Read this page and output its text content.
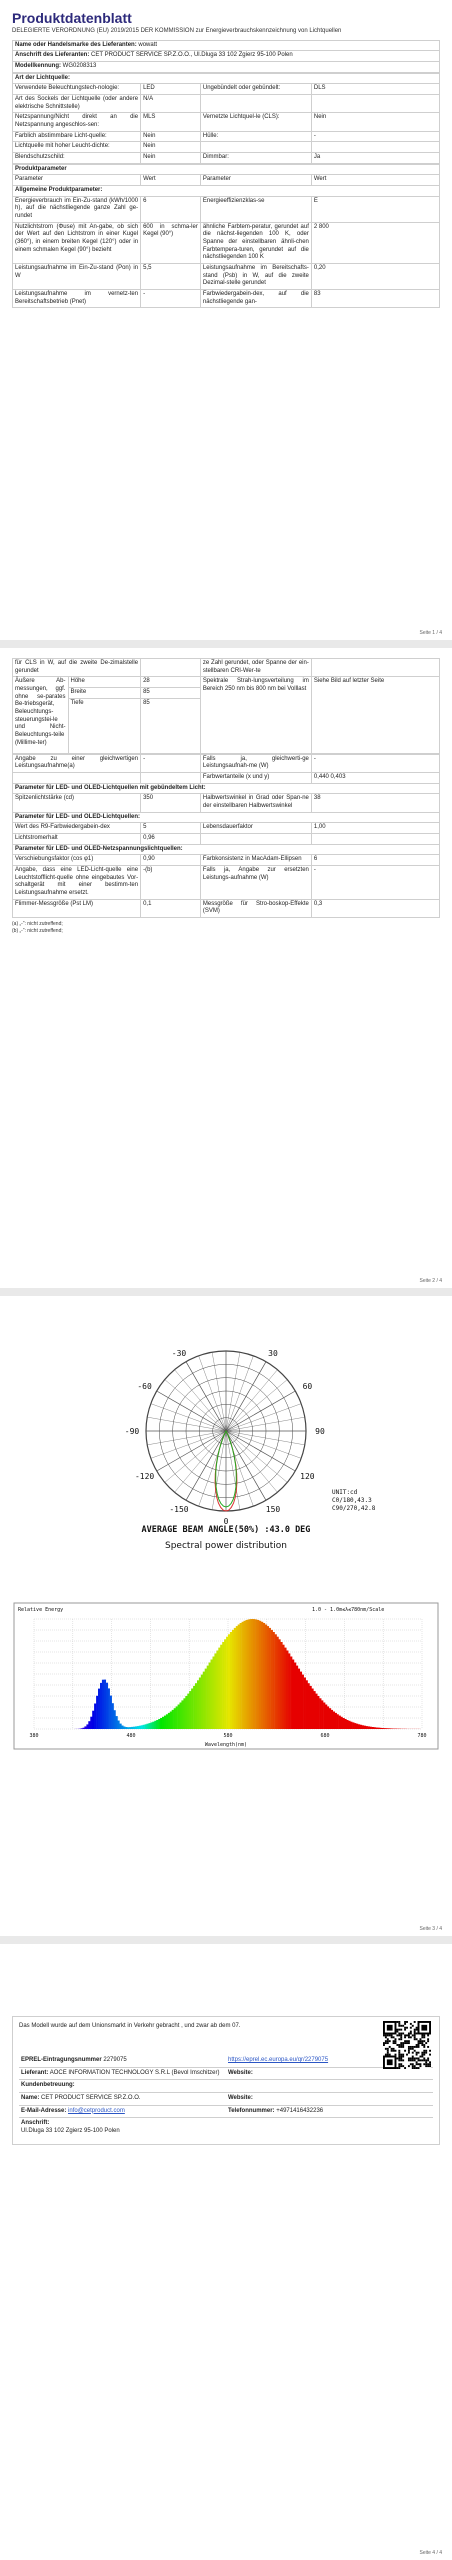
Produktdatenblatt
DELEGIERTE VERORDNUNG (EU) 2019/2015 DER KOMMISSION zur Energieverbrauchskennzeichnung von Lichtquellen
Name oder Handelsmarke des Lieferanten: wowatt
Anschrift des Lieferanten: CET PRODUCT SERVICE SP.Z.O.O., Ul.Dluga 33 102 Zgierz 95-100 Polen
Modellkennung: WG0208313
Art der Lichtquelle:			
Verwendete Beleuchtungstech-nologie:	LED	Ungebündelt oder gebündelt:	DLS
Art des Sockels der Lichtquelle (oder andere elektrische Schnittstelle)	N/A		
Netzspannung/Nicht direkt an die Netzspannung angeschlos-sen:	MLS	Vernetzte Lichtquel-le (CLS):	Nein
Farblich abstimmbare Licht-quelle:	Nein	Hülle:	-
Lichtquelle mit hoher Leucht-dichte:	Nein		
Blendschutzschild:	Nein	Dimmbar:	Ja
Produktparameter			
Parameter	Wert	Parameter	Wert
Allgemeine Produktparameter:			
Energieverbrauch im Ein-Zu-stand (kWh/1000 h), auf die nächstliegende ganze Zahl ge-rundet	6	Energieeffizienzklas-se	E
Nutzlichtstrom (Φuse) mit An-gabe, ob sich der Wert auf den Lichtstrom in einer Kugel (360°), in einem breiten Kegel (120°) oder in einem schmalen Kegel (90°) bezieht	600 in schma-ler Kegel (90°)	ähnliche Farbtem-peratur, gerundet auf die nächst-liegenden 100 K, oder Spanne der einstellbaren ähnli-chen Farbtempera-turen, gerundet auf die nächstliegenden 100 K	2 800
Leistungsaufnahme im Ein-Zu-stand (Pon) in W	5,5	Leistungsaufnahme im Bereitschafts-stand (Psb) in W, auf die zweite Dezimal-stelle gerundet	0,20
Leistungsaufnahme im vernetz-ten Bereitschaftsbetrieb (Pnet)	-	Farbwiedergabein-dex, auf die nächstliegende gan-	83
Seite 1 / 4
für CLS in W, auf die zweite De-zimalstelle gerundet			ze Zahl gerundet, oder Spanne der ein-stellbaren CRI-Wer-te	
Äußere Ab-messungen, ggf. ohne se-parates Be-triebsgerät, Beleuchtungs-steuerungstei-le und Nicht-Beleuchtungs-teile (Millime-ter)	Höhe	28	Spektrale Strah-lungsverteilung im Bereich 250 nm bis 800 nm bei Volllast	Siehe Bild auf letzter Seite
	Breite	85		
	Tiefe	85		
Angabe zu einer gleichwertigen Leistungsaufnahme(a)	-	Falls ja, gleichwerti-ge Leistungsaufnah-me (W)	-
		Farbwertanteile (x und y)	0,440 0,403
Parameter für LED- und OLED-Lichtquellen mit gebündeltem Licht:			
Spitzenlichtstärke (cd)	350	Halbwertswinkel in Grad oder Span-ne der einstellbaren Halbwertswinkel	38
Parameter für LED- und OLED-Lichtquellen:			
Wert des R9-Farbwiedergabein-dex	5	Lebensdauerfaktor	1,00
Lichtstromerhalt	0,96		
Parameter für LED- und OLED-Netzspannungslichtquellen:			
Verschiebungsfaktor (cos φ1)	0,90	Farbkonsistenz in MacAdam-Ellipsen	6
Angabe, dass eine LED-Licht-quelle eine Leuchtstofflicht-quelle ohne eingebautes Vor-schaltgerät mit einer bestimm-ten Leistungsaufnahme ersetzt.	-(b)	Falls ja, Angabe zur ersetzten Leistungs-aufnahme (W)	-
Flimmer-Messgröße (Pst LM)	0,1	Messgröße für Stro-boskop-Effekte (SVM)	0,3
(a) „-“: nicht zutreffend;
(b) „-“: nicht zutreffend;
Seite 2 / 4
-150	150
-120	120
-90	90
-60	60
-30	30
0
UNIT:cd
C0/180,43.3
C90/270,42.8
AVERAGE BEAM ANGLE(50%) :43.0 DEG
Spectral power distribution

Relative Energy	1.0 - 1.0m≤λ≤780nm/Scale
380	480	580	680	780
Wavelength(nm)
Seite 3 / 4
Das Modell wurde auf dem Unionsmarkt in Verkehr gebracht , und zwar ab dem 07.
EPREL-Eintragungsnummer 2279075	https://eprel.ec.europa.eu/qr/2279075
Lieferant: AOCE INFORMATION TECHNOLOGY S.R.L (Bevol Imschitzer)	Website:
Kundenbetreuung:	
Name: CET PRODUCT SERVICE SP.Z.O.O.	Website:
E-Mail-Adresse: info@cetproduct.com	Telefonnummer: +4971416432236
Anschrift:
Ul.Dluga 33 102 Zgierz 95-100 Polen	
Seite 4 / 4
